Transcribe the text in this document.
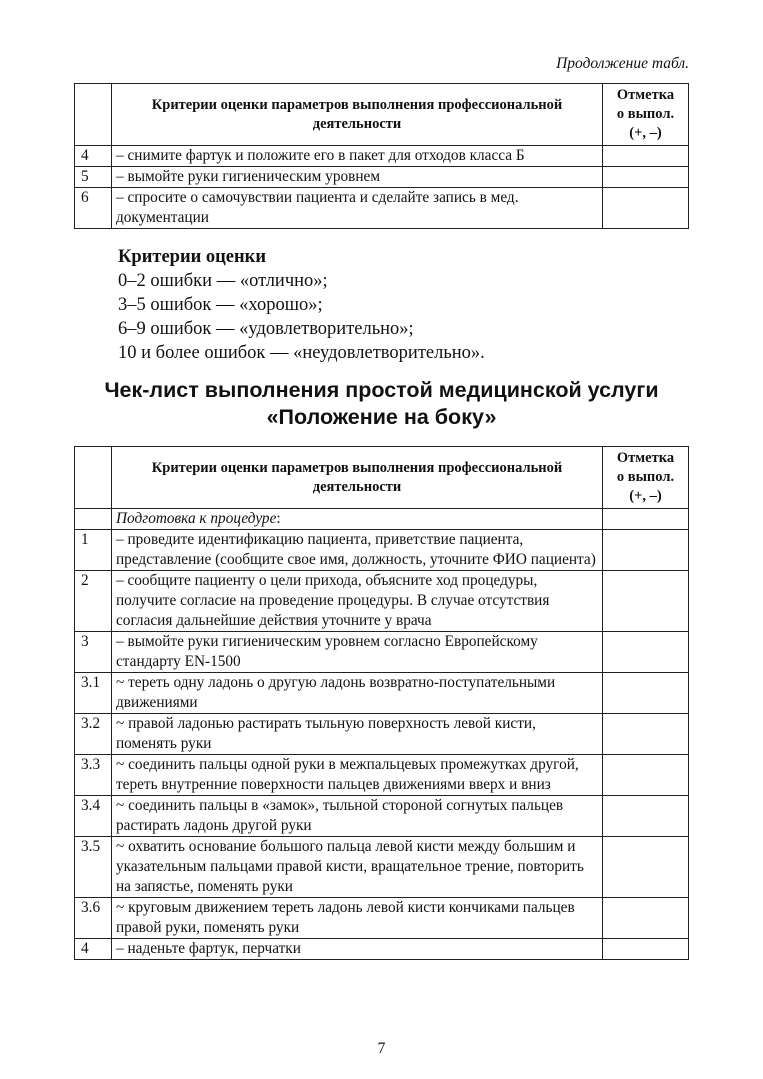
Продолжение табл.
	Критерии оценки параметров выполнения профессиональной деятельности	Отметка
о выпол.
(+, –)

4	– снимите фартук и положите его в пакет для отходов класса Б	
5	– вымойте руки гигиеническим уровнем	
6	– спросите о самочувствии пациента и сделайте запись в мед. документации	
Критерии оценки
0–2 ошибки — «отлично»;
3–5 ошибок — «хорошо»;
6–9 ошибок — «удовлетворительно»;
10 и более ошибок — «неудовлетворительно».
Чек-лист выполнения простой медицинской услуги
«Положение на боку»
	Критерии оценки параметров выполнения профессиональной деятельности	Отметка
о выпол.
(+, –)

	Подготовка к процедуре:	
1	– проведите идентификацию пациента, приветствие пациента, представление (сообщите свое имя, должность, уточните ФИО пациента)	
2	– сообщите пациенту о цели прихода, объясните ход процедуры, получите согласие на проведение процедуры. В случае отсутствия согласия дальнейшие действия уточните у врача	
3	– вымойте руки гигиеническим уровнем согласно Европейскому стандарту EN-1500	
3.1	~ тереть одну ладонь о другую ладонь возвратно-поступательными движениями	
3.2	~ правой ладонью растирать тыльную поверхность левой кисти, поменять руки	
3.3	~ соединить пальцы одной руки в межпальцевых промежутках другой, тереть внутренние поверхности пальцев движениями вверх и вниз	
3.4	~ соединить пальцы в «замок», тыльной стороной согнутых пальцев растирать ладонь другой руки	
3.5	~ охватить основание большого пальца левой кисти между большим и указательным пальцами правой кисти, вращательное трение, повторить на запястье, поменять руки	
3.6	~ круговым движением тереть ладонь левой кисти кончиками пальцев правой руки, поменять руки	
4	– наденьте фартук, перчатки	
7
